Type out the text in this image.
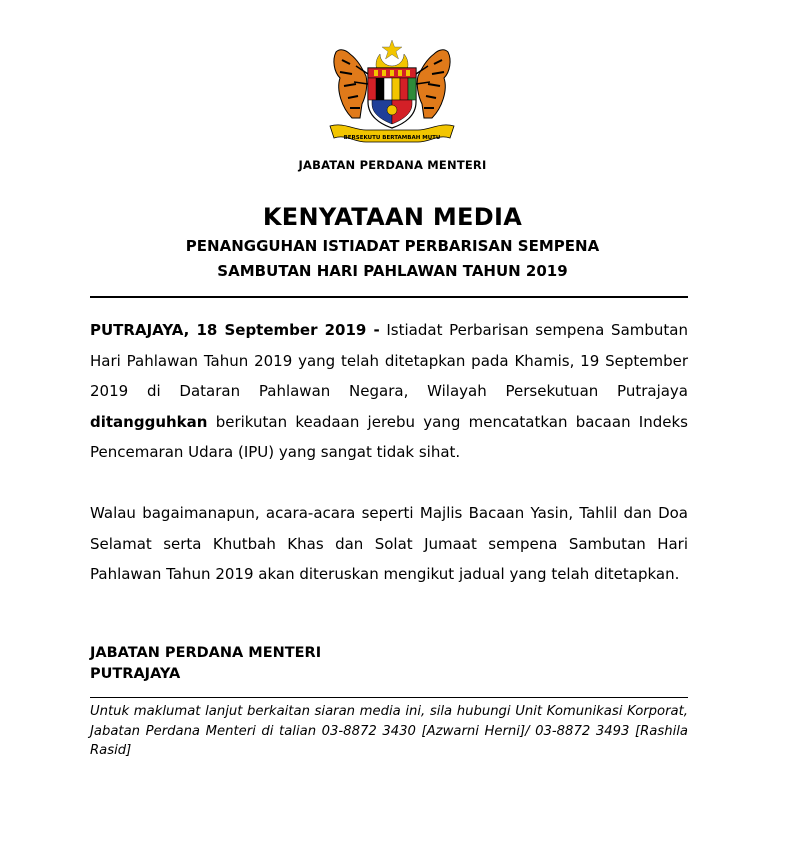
BERSEKUTU BERTAMBAH MUTU
JABATAN PERDANA MENTERI
KENYATAAN MEDIA
PENANGGUHAN ISTIADAT PERBARISAN SEMPENA
SAMBUTAN HARI PAHLAWAN TAHUN 2019

PUTRAJAYA, 18 September 2019 - Istiadat Perbarisan sempena Sambutan Hari Pahlawan Tahun 2019 yang telah ditetapkan pada Khamis, 19 September 2019 di Dataran Pahlawan Negara, Wilayah Persekutuan Putrajaya ditangguhkan berikutan keadaan jerebu yang mencatatkan bacaan Indeks Pencemaran Udara (IPU) yang sangat tidak sihat.

Walau bagaimanapun, acara-acara seperti Majlis Bacaan Yasin, Tahlil dan Doa Selamat serta Khutbah Khas dan Solat Jumaat sempena Sambutan Hari Pahlawan Tahun 2019 akan diteruskan mengikut jadual yang telah ditetapkan.

JABATAN PERDANA MENTERI
PUTRAJAYA

Untuk maklumat lanjut berkaitan siaran media ini, sila hubungi Unit Komunikasi Korporat, Jabatan Perdana Menteri di talian 03-8872 3430 [Azwarni Herni]/ 03-8872 3493 [Rashila Rasid]
